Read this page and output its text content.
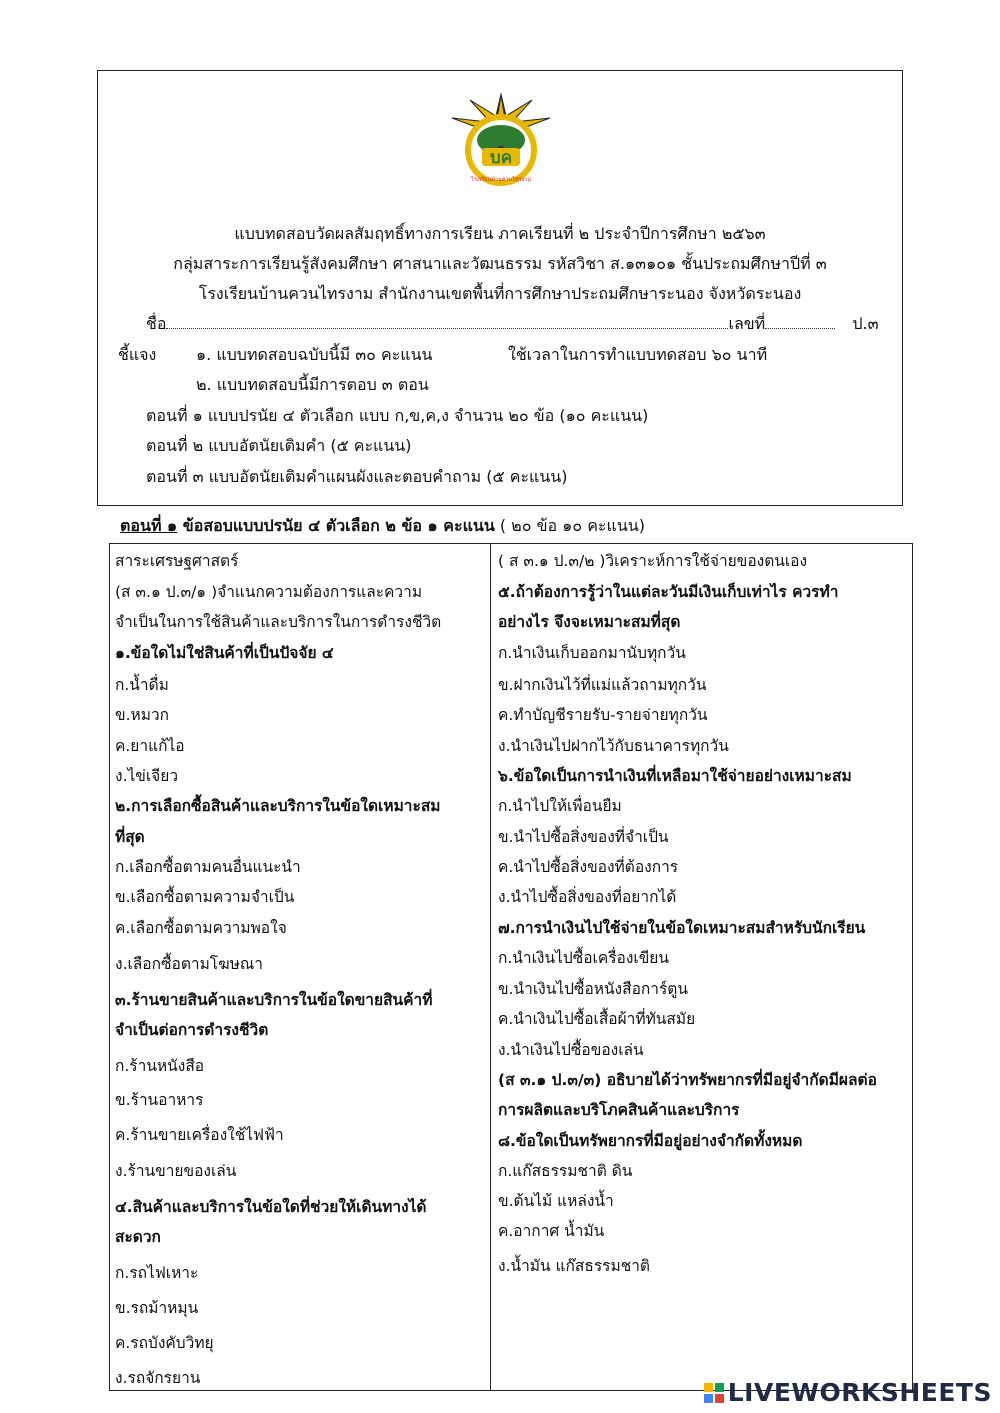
บค
โรงเรียนบ้านควนไทรงาม
แบบทดสอบวัดผลสัมฤทธิ์ทางการเรียน ภาคเรียนที่ ๒ ประจำปีการศึกษา ๒๕๖๓
กลุ่มสาระการเรียนรู้สังคมศึกษา ศาสนาและวัฒนธรรม รหัสวิชา ส.๑๓๑๐๑ ชั้นประถมศึกษาปีที่ ๓
โรงเรียนบ้านควนไทรงาม สำนักงานเขตพื้นที่การศึกษาประถมศึกษาระนอง จังหวัดระนอง
ชื่อ	เลขที่	ป.๓
ชี้แจง ๑. แบบทดสอบฉบับนี้มี ๓๐ คะแนน	ใช้เวลาในการทำแบบทดสอบ ๖๐ นาที
๒. แบบทดสอบนี้มีการตอบ ๓ ตอน
ตอนที่ ๑ แบบปรนัย ๔ ตัวเลือก แบบ ก,ข,ค,ง จำนวน ๒๐ ข้อ (๑๐ คะแนน)
ตอนที่ ๒ แบบอัตนัยเติมคำ (๕ คะแนน)
ตอนที่ ๓ แบบอัตนัยเติมคำแผนผังและตอบคำถาม (๕ คะแนน)
ตอนที่ ๑ ข้อสอบแบบปรนัย ๔ ตัวเลือก ๒ ข้อ ๑ คะแนน ( ๒๐ ข้อ ๑๐ คะแนน)
สาระเศรษฐศาสตร์
(ส ๓.๑ ป.๓/๑ )จำแนกความต้องการและความ
จำเป็นในการใช้สินค้าและบริการในการดำรงชีวิต
๑.ข้อใดไม่ใช่สินค้าที่เป็นปัจจัย ๔
ก.น้ำดื่ม
ข.หมวก
ค.ยาแก้ไอ
ง.ไข่เจียว
๒.การเลือกซื้อสินค้าและบริการในข้อใดเหมาะสม
ที่สุด
ก.เลือกซื้อตามคนอื่นแนะนำ
ข.เลือกซื้อตามความจำเป็น
ค.เลือกซื้อตามความพอใจ
ง.เลือกซื้อตามโฆษณา
๓.ร้านขายสินค้าและบริการในข้อใดขายสินค้าที่
จำเป็นต่อการดำรงชีวิต
ก.ร้านหนังสือ
ข.ร้านอาหาร
ค.ร้านขายเครื่องใช้ไฟฟ้า
ง.ร้านขายของเล่น
๔.สินค้าและบริการในข้อใดที่ช่วยให้เดินทางได้
สะดวก
ก.รถไฟเหาะ
ข.รถม้าหมุน
ค.รถบังคับวิทยุ
ง.รถจักรยาน
( ส ๓.๑ ป.๓/๒ )วิเคราะห์การใช้จ่ายของตนเอง
๕.ถ้าต้องการรู้ว่าในแต่ละวันมีเงินเก็บเท่าไร ควรทำ
อย่างไร จึงจะเหมาะสมที่สุด
ก.นำเงินเก็บออกมานับทุกวัน
ข.ฝากเงินไว้ที่แม่แล้วถามทุกวัน
ค.ทำบัญชีรายรับ-รายจ่ายทุกวัน
ง.นำเงินไปฝากไว้กับธนาคารทุกวัน
๖.ข้อใดเป็นการนำเงินที่เหลือมาใช้จ่ายอย่างเหมาะสม
ก.นำไปให้เพื่อนยืม
ข.นำไปซื้อสิ่งของที่จำเป็น
ค.นำไปซื้อสิ่งของที่ต้องการ
ง.นำไปซื้อสิ่งของที่อยากได้
๗.การนำเงินไปใช้จ่ายในข้อใดเหมาะสมสำหรับนักเรียน
ก.นำเงินไปซื้อเครื่องเขียน
ข.นำเงินไปซื้อหนังสือการ์ตูน
ค.นำเงินไปซื้อเสื้อผ้าที่ทันสมัย
ง.นำเงินไปซื้อของเล่น
(ส ๓.๑ ป.๓/๓) อธิบายได้ว่าทรัพยากรที่มีอยู่จำกัดมีผลต่อ
การผลิตและบริโภคสินค้าและบริการ
๘.ข้อใดเป็นทรัพยากรที่มีอยู่อย่างจำกัดทั้งหมด
ก.แก๊สธรรมชาติ ดิน
ข.ต้นไม้ แหล่งน้ำ
ค.อากาศ น้ำมัน
ง.น้ำมัน แก๊สธรรมชาติ
LIVEWORKSHEETS
